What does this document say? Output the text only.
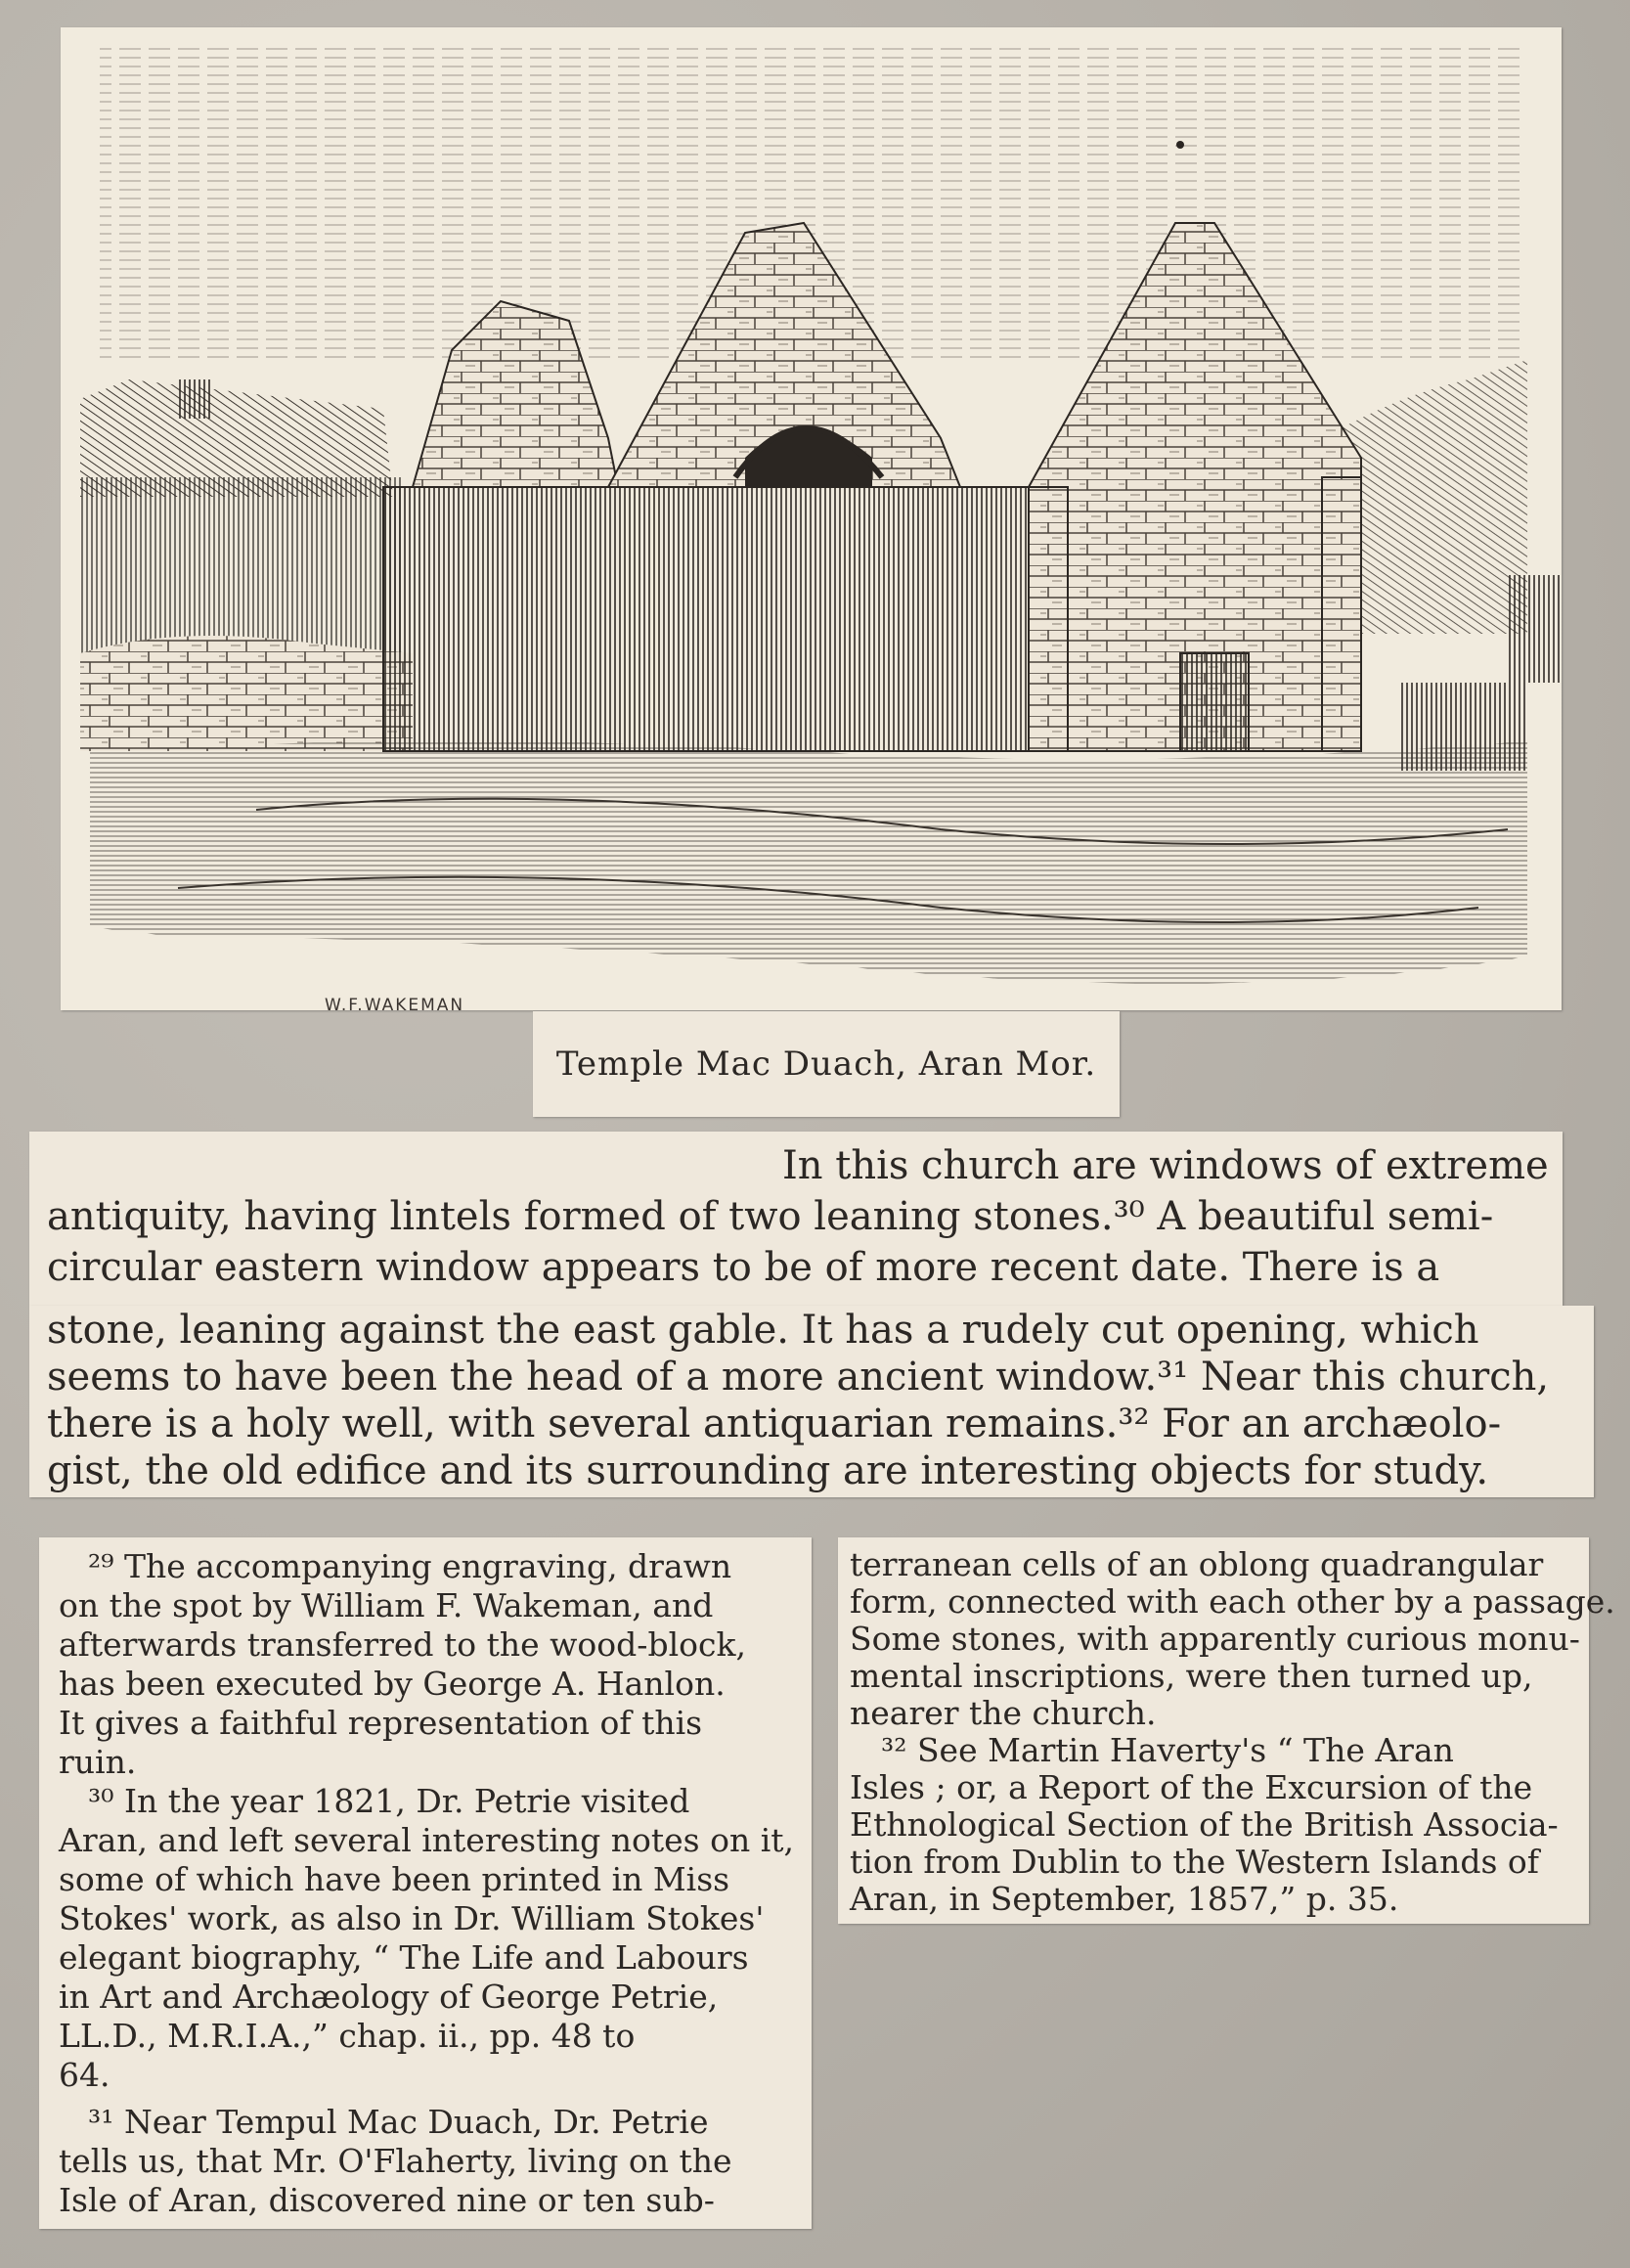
W.F.WAKEMAN
Temple Mac Duach, Aran Mor.
In this church are windows of extreme
antiquity, having lintels formed of two leaning stones.³⁰ A beautiful semi-
circular eastern window appears to be of more recent date. There is a
stone, leaning against the east gable. It has a rudely cut opening, which
seems to have been the head of a more ancient window.³¹ Near this church,
there is a holy well, with several antiquarian remains.³² For an archæolo-
gist, the old edifice and its surrounding are interesting objects for study.
²⁹ The accompanying engraving, drawn
on the spot by William F. Wakeman, and
afterwards transferred to the wood-block,
has been executed by George A. Hanlon.
It gives a faithful representation of this
ruin.
³⁰ In the year 1821, Dr. Petrie visited
Aran, and left several interesting notes on it,
some of which have been printed in Miss
Stokes' work, as also in Dr. William Stokes'
elegant biography, “ The Life and Labours
in Art and Archæology of George Petrie,
LL.D., M.R.I.A.,” chap. ii., pp. 48 to
64.
³¹ Near Tempul Mac Duach, Dr. Petrie
tells us, that Mr. O'Flaherty, living on the
Isle of Aran, discovered nine or ten sub-
terranean cells of an oblong quadrangular
form, connected with each other by a passage.
Some stones, with apparently curious monu-
mental inscriptions, were then turned up,
nearer the church.
³² See Martin Haverty's “ The Aran
Isles ; or, a Report of the Excursion of the
Ethnological Section of the British Associa-
tion from Dublin to the Western Islands of
Aran, in September, 1857,” p. 35.
